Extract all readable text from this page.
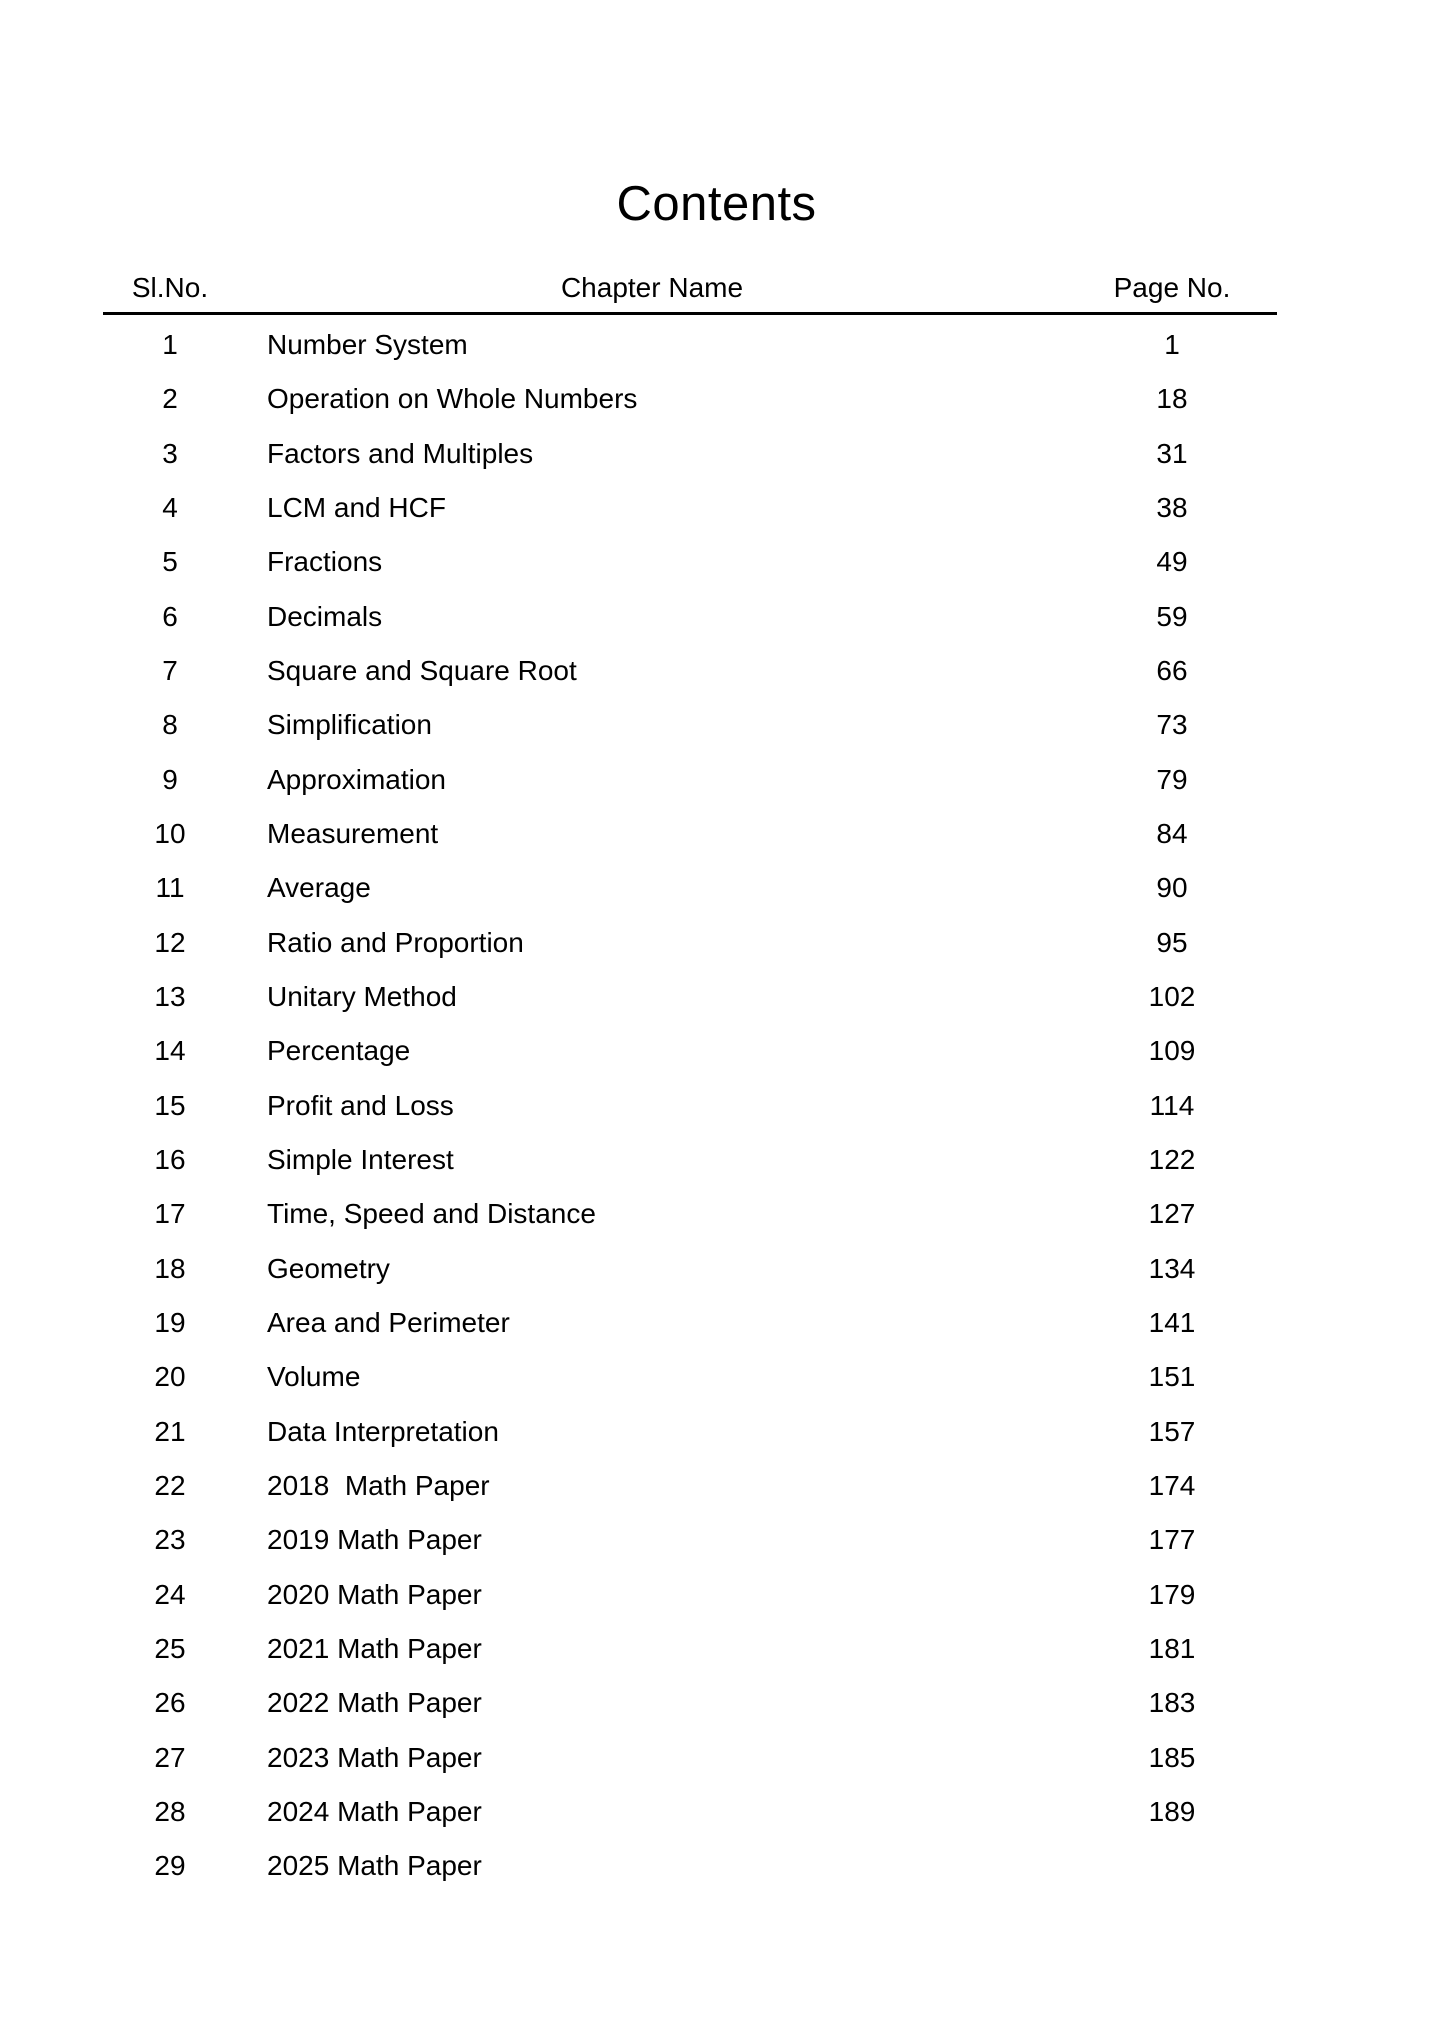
Contents
Sl.No.	Chapter Name	Page No.
1	Number System	1
2	Operation on Whole Numbers	18
3	Factors and Multiples	31
4	LCM and HCF	38
5	Fractions	49
6	Decimals	59
7	Square and Square Root	66
8	Simplification	73
9	Approximation	79
10	Measurement	84
11	Average	90
12	Ratio and Proportion	95
13	Unitary Method	102
14	Percentage	109
15	Profit and Loss	114
16	Simple Interest	122
17	Time, Speed and Distance	127
18	Geometry	134
19	Area and Perimeter	141
20	Volume	151
21	Data Interpretation	157
22	2018  Math Paper	174
23	2019 Math Paper	177
24	2020 Math Paper	179
25	2021 Math Paper	181
26	2022 Math Paper	183
27	2023 Math Paper	185
28	2024 Math Paper	189
29	2025 Math Paper
